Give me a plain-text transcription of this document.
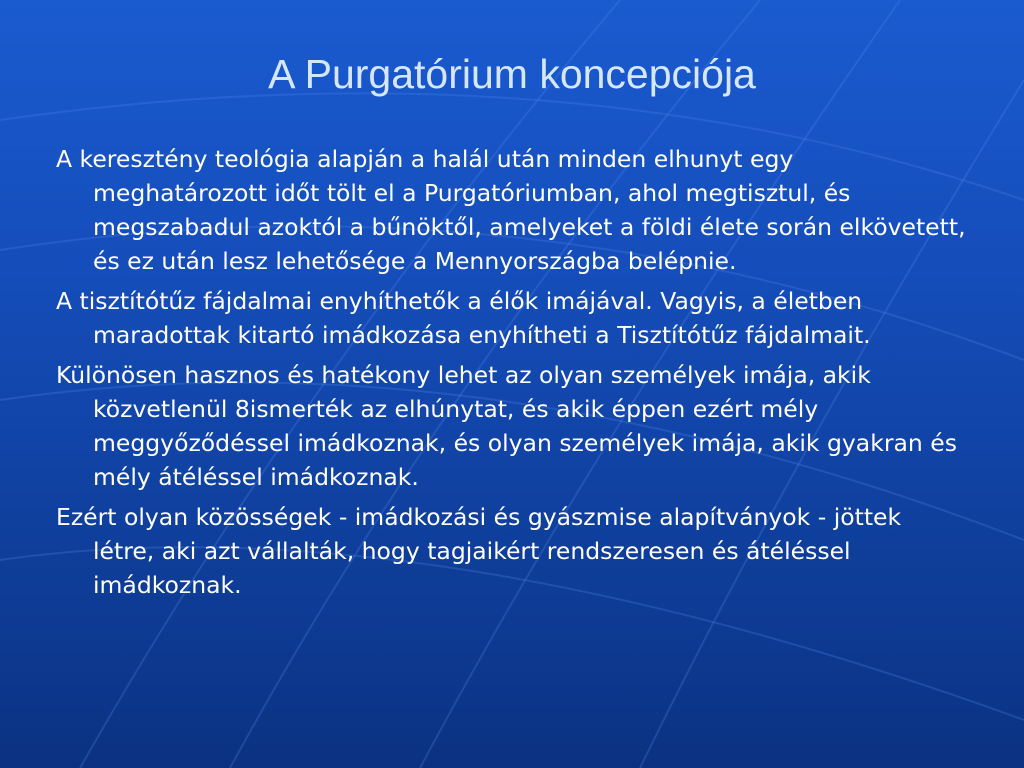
A Purgatórium koncepciója

A keresztény teológia alapján a halál után minden elhunyt egy meghatározott időt tölt el a Purgatóriumban, ahol megtisztul, és megszabadul azoktól a bűnöktől, amelyeket a földi élete során elkövetett, és ez után lesz lehetősége a Mennyországba belépnie.

A tisztítótűz fájdalmai enyhíthetők a élők imájával. Vagyis, a életben maradottak kitartó imádkozása enyhítheti a Tisztítótűz fájdalmait.

Különösen hasznos és hatékony lehet az olyan személyek imája, akik közvetlenül 8ismerték az elhúnytat, és akik éppen ezért mély meggyőződéssel imádkoznak, és olyan személyek imája, akik gyakran és mély átéléssel imádkoznak.

Ezért olyan közösségek - imádkozási és gyászmise alapítványok - jöttek létre, aki azt vállalták, hogy tagjaikért rendszeresen és átéléssel imádkoznak.
